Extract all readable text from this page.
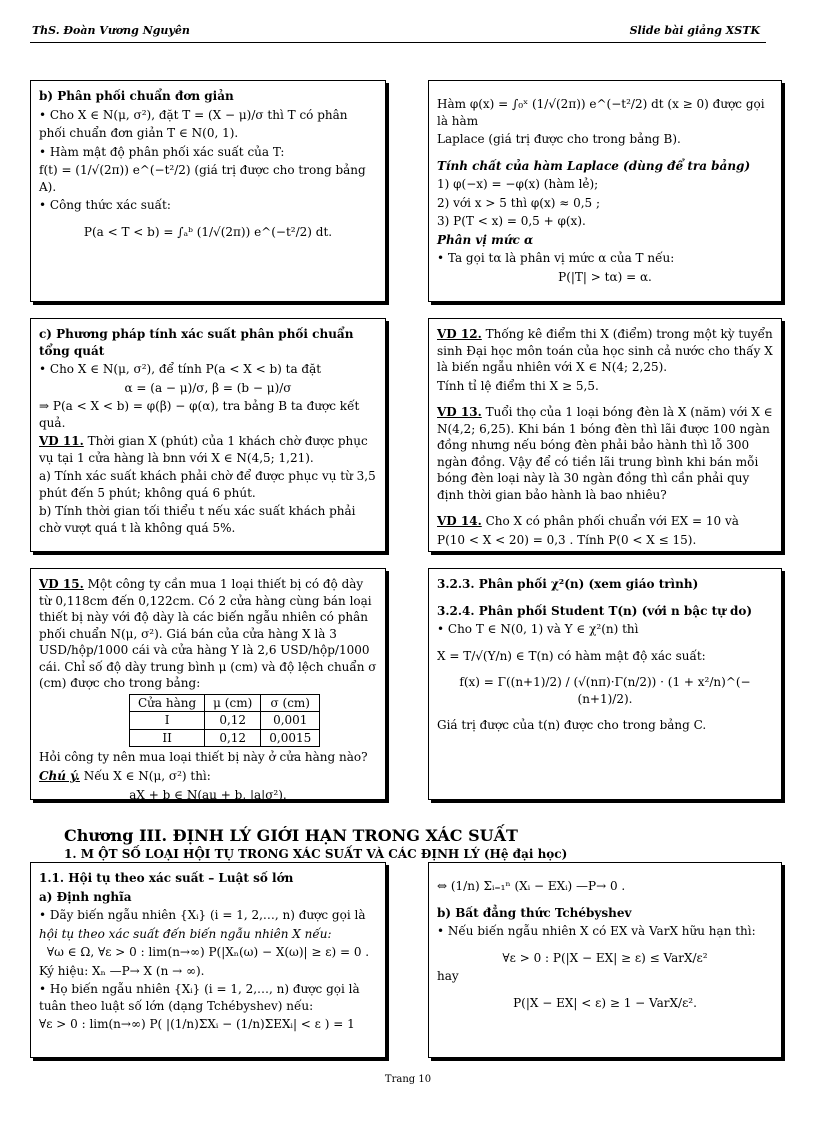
ThS. Đoàn Vương Nguyên	Slide bài giảng XSTK

b) Phân phối chuẩn đơn giản

• Cho X ∈ N(μ, σ²), đặt T = (X − μ)/σ thì T có phân

phối chuẩn đơn giản T ∈ N(0, 1).

• Hàm mật độ phân phối xác suất của T:

f(t) = (1/√(2π)) e^(−t²/2) (giá trị được cho trong bảng A).

• Công thức xác suất:

P(a < T < b) = ∫ₐᵇ (1/√(2π)) e^(−t²/2) dt.

Hàm φ(x) = ∫₀ˣ (1/√(2π)) e^(−t²/2) dt (x ≥ 0) được gọi là hàm

Laplace (giá trị được cho trong bảng B).

Tính chất của hàm Laplace (dùng để tra bảng)

1) φ(−x) = −φ(x) (hàm lẻ);

2) với x > 5 thì φ(x) ≈ 0,5 ;

3) P(T < x) = 0,5 + φ(x).

Phân vị mức α

• Ta gọi tα là phân vị mức α của T nếu:

P(|T| > tα) = α.

c) Phương pháp tính xác suất phân phối chuẩn tổng quát

• Cho X ∈ N(μ, σ²), để tính P(a < X < b) ta đặt

α = (a − μ)/σ, β = (b − μ)/σ

⇒ P(a < X < b) = φ(β) − φ(α), tra bảng B ta được kết quả.

VD 11. Thời gian X (phút) của 1 khách chờ được phục vụ tại 1 cửa hàng là bnn với X ∈ N(4,5; 1,21).

a) Tính xác suất khách phải chờ để được phục vụ từ 3,5 phút đến 5 phút; không quá 6 phút.

b) Tính thời gian tối thiểu t nếu xác suất khách phải chờ vượt quá t là không quá 5%.

VD 12. Thống kê điểm thi X (điểm) trong một kỳ tuyển sinh Đại học môn toán của học sinh cả nước cho thấy X là biến ngẫu nhiên với X ∈ N(4; 2,25).

Tính tỉ lệ điểm thi X ≥ 5,5.

VD 13. Tuổi thọ của 1 loại bóng đèn là X (năm) với X ∈ N(4,2; 6,25). Khi bán 1 bóng đèn thì lãi được 100 ngàn đồng nhưng nếu bóng đèn phải bảo hành thì lỗ 300 ngàn đồng. Vậy để có tiền lãi trung bình khi bán mỗi bóng đèn loại này là 30 ngàn đồng thì cần phải quy định thời gian bảo hành là bao nhiêu?

VD 14. Cho X có phân phối chuẩn với EX = 10 và

P(10 < X < 20) = 0,3 . Tính P(0 < X ≤ 15).

VD 15. Một công ty cần mua 1 loại thiết bị có độ dày từ 0,118cm đến 0,122cm. Có 2 cửa hàng cùng bán loại thiết bị này với độ dày là các biến ngẫu nhiên có phân phối chuẩn N(μ, σ²). Giá bán của cửa hàng X là 3 USD/hộp/1000 cái và cửa hàng Y là 2,6 USD/hộp/1000 cái. Chỉ số độ dày trung bình μ (cm) và độ lệch chuẩn σ (cm) được cho trong bảng:

Cửa hàng	μ (cm)	σ (cm)
I	0,12	0,001
II	0,12	0,0015

Hỏi công ty nên mua loại thiết bị này ở cửa hàng nào?

Chú ý. Nếu X ∈ N(μ, σ²) thì:

aX + b ∈ N(aμ + b, |a|σ²).

3.2.3. Phân phối χ²(n) (xem giáo trình)

3.2.4. Phân phối Student T(n) (với n bậc tự do)

• Cho T ∈ N(0, 1) và Y ∈ χ²(n) thì

X = T/√(Y/n) ∈ T(n) có hàm mật độ xác suất:

f(x) = Γ((n+1)/2) / (√(nπ)·Γ(n/2)) · (1 + x²/n)^(−(n+1)/2).

Giá trị được của t(n) được cho trong bảng C.

Chương III. ĐỊNH LÝ GIỚI HẠN TRONG XÁC SUẤT
1. M ỘT SỐ LOẠI HỘI TỤ TRONG XÁC SUẤT VÀ CÁC ĐỊNH LÝ (Hệ đại học)

1.1. Hội tụ theo xác suất – Luật số lớn

a) Định nghĩa

• Dãy biến ngẫu nhiên {Xᵢ} (i = 1, 2,…, n) được gọi là

hội tụ theo xác suất đến biến ngẫu nhiên X nếu:

∀ω ∈ Ω, ∀ε > 0 : lim(n→∞) P(|Xₙ(ω) − X(ω)| ≥ ε) = 0 .

Ký hiệu: Xₙ —P→ X (n → ∞).

• Họ biến ngẫu nhiên {Xᵢ} (i = 1, 2,…, n) được gọi là tuân theo luật số lớn (dạng Tchébyshev) nếu:

∀ε > 0 : lim(n→∞) P( |(1/n)ΣXᵢ − (1/n)ΣEXᵢ| < ε ) = 1

⇔ (1/n) Σᵢ₌₁ⁿ (Xᵢ − EXᵢ) —P→ 0 .

b) Bất đẳng thức Tchébyshev

• Nếu biến ngẫu nhiên X có EX và VarX hữu hạn thì:

∀ε > 0 : P(|X − EX| ≥ ε) ≤ VarX/ε²

hay

P(|X − EX| < ε) ≥ 1 − VarX/ε².

Trang 10
